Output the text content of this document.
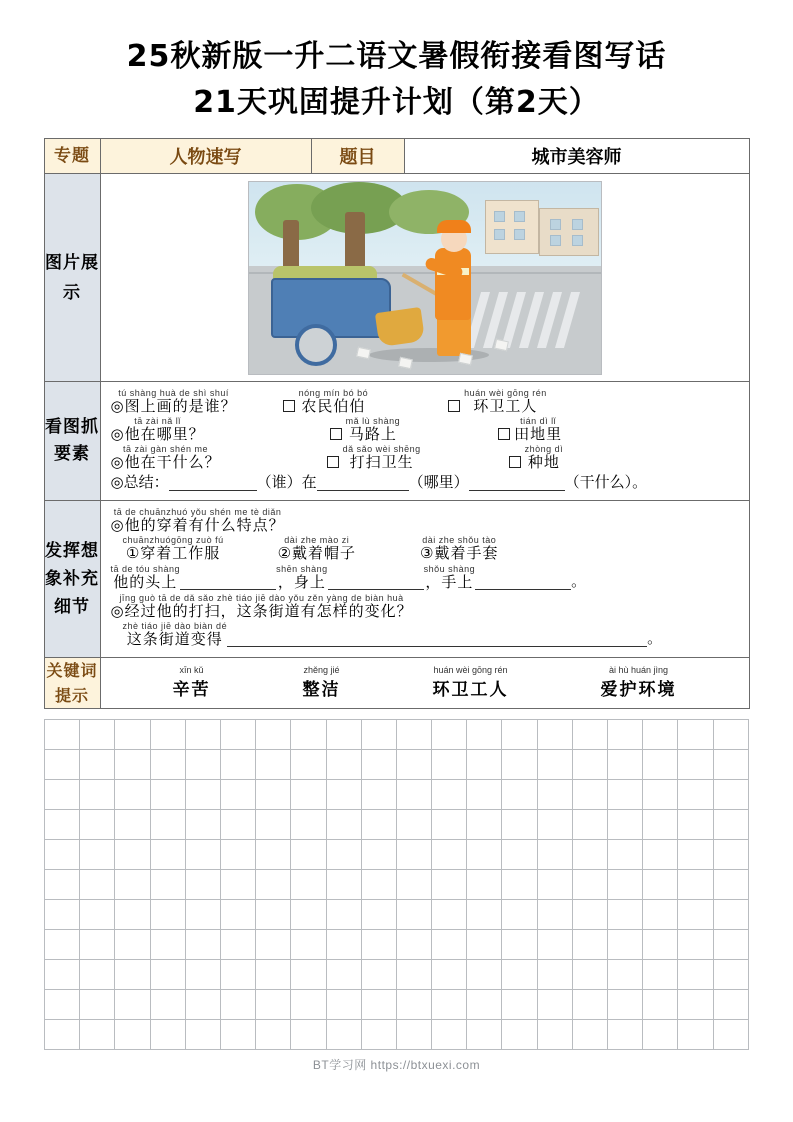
25秋新版一升二语文暑假衔接看图写话
21天巩固提升计划（第2天）
专题		人物速写	题目	城市美容师

图片展示	

看图抓要素	
tú shàng huà de shì shuí
◎图上画的是谁？
nóng mín bó bó
农民伯伯
huán wèi gōng rén
环卫工人
tā zài nǎ lǐ
◎他在哪里？
mǎ lù shàng
马路上
tián dì lǐ
田地里
tā zài gàn shén me
◎他在干什么？
dǎ sǎo wèi shēng
打扫卫生
zhòng dì
种地
◎总结：	（谁）在	（哪里）	（干什么）。

发挥想象补充细节	
tā de chuānzhuó yǒu shén me tè diǎn
◎他的穿着有什么特点？
chuānzhuógōng zuò fú
①穿着工作服
dài zhe mào zi
②戴着帽子
dài zhe shǒu tào
③戴着手套
tā de tóu shàng
他的头上
shēn shàng
，身上
shǒu shàng
，手上	。
jīng guò tā de dǎ sǎo zhè tiáo jiē dào yǒu zěn yàng de biàn huà
◎经过他的打扫，这条街道有怎样的变化？
zhè tiáo jiē dào biàn dé
这条街道变得	。

关键词提示	
xīn kǔ
辛苦
zhěng jié
整洁
huán wèi gōng rén
环卫工人
ài hù huán jìng
爱护环境

BT学习网 https://btxuexi.com
